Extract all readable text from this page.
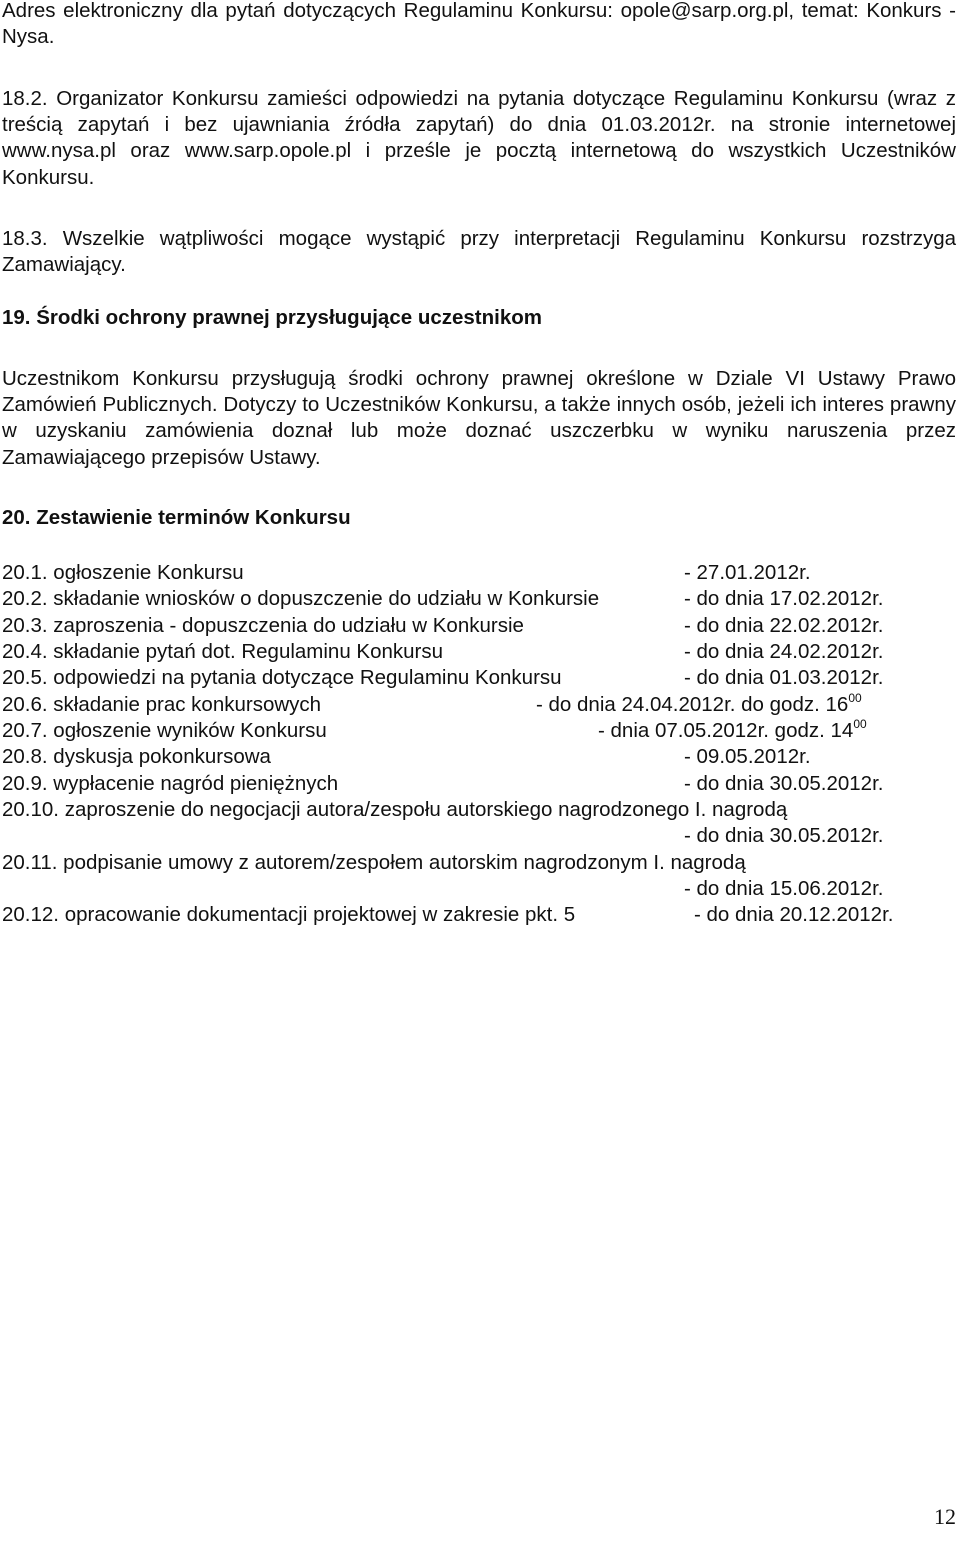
Adres elektroniczny dla pytań dotyczących Regulaminu Konkursu: opole@sarp.org.pl, temat: Konkurs - Nysa.

18.2. Organizator Konkursu zamieści odpowiedzi na pytania dotyczące Regulaminu Konkursu (wraz z treścią zapytań i bez ujawniania źródła zapytań) do dnia 01.03.2012r. na stronie internetowej www.nysa.pl oraz www.sarp.opole.pl i prześle je pocztą internetową do wszystkich Uczestników Konkursu.

18.3. Wszelkie wątpliwości mogące wystąpić przy interpretacji Regulaminu Konkursu rozstrzyga Zamawiający.

19. Środki ochrony prawnej przysługujące uczestnikom

Uczestnikom Konkursu przysługują środki ochrony prawnej określone w Dziale VI Ustawy Prawo Zamówień Publicznych. Dotyczy to Uczestników Konkursu, a także innych osób, jeżeli ich interes prawny w uzyskaniu zamówienia doznał lub może doznać uszczerbku w wyniku naruszenia przez Zamawiającego przepisów Ustawy.

20. Zestawienie terminów Konkursu
20.1. ogłoszenie Konkursu	- 27.01.2012r.
20.2. składanie wniosków o dopuszczenie do udziału w Konkursie	- do dnia 17.02.2012r.
20.3. zaproszenia - dopuszczenia do udziału w Konkursie	- do dnia 22.02.2012r.
20.4. składanie pytań dot. Regulaminu Konkursu	- do dnia 24.02.2012r.
20.5. odpowiedzi na pytania dotyczące Regulaminu Konkursu	- do dnia 01.03.2012r.
20.6. składanie prac konkursowych	- do dnia 24.04.2012r. do godz. $16^{00}$
20.7. ogłoszenie wyników Konkursu	- dnia 07.05.2012r. godz. $14^{00}$
20.8. dyskusja pokonkursowa	- 09.05.2012r.
20.9. wypłacenie nagród pieniężnych	- do dnia 30.05.2012r.
20.10. zaproszenie do negocjacji autora/zespołu autorskiego nagrodzonego I. nagrodą
- do dnia 30.05.2012r.
20.11. podpisanie umowy z autorem/zespołem autorskim nagrodzonym I. nagrodą
- do dnia 15.06.2012r.
20.12. opracowanie dokumentacji projektowej w zakresie pkt. 5	- do dnia 20.12.2012r.
12
